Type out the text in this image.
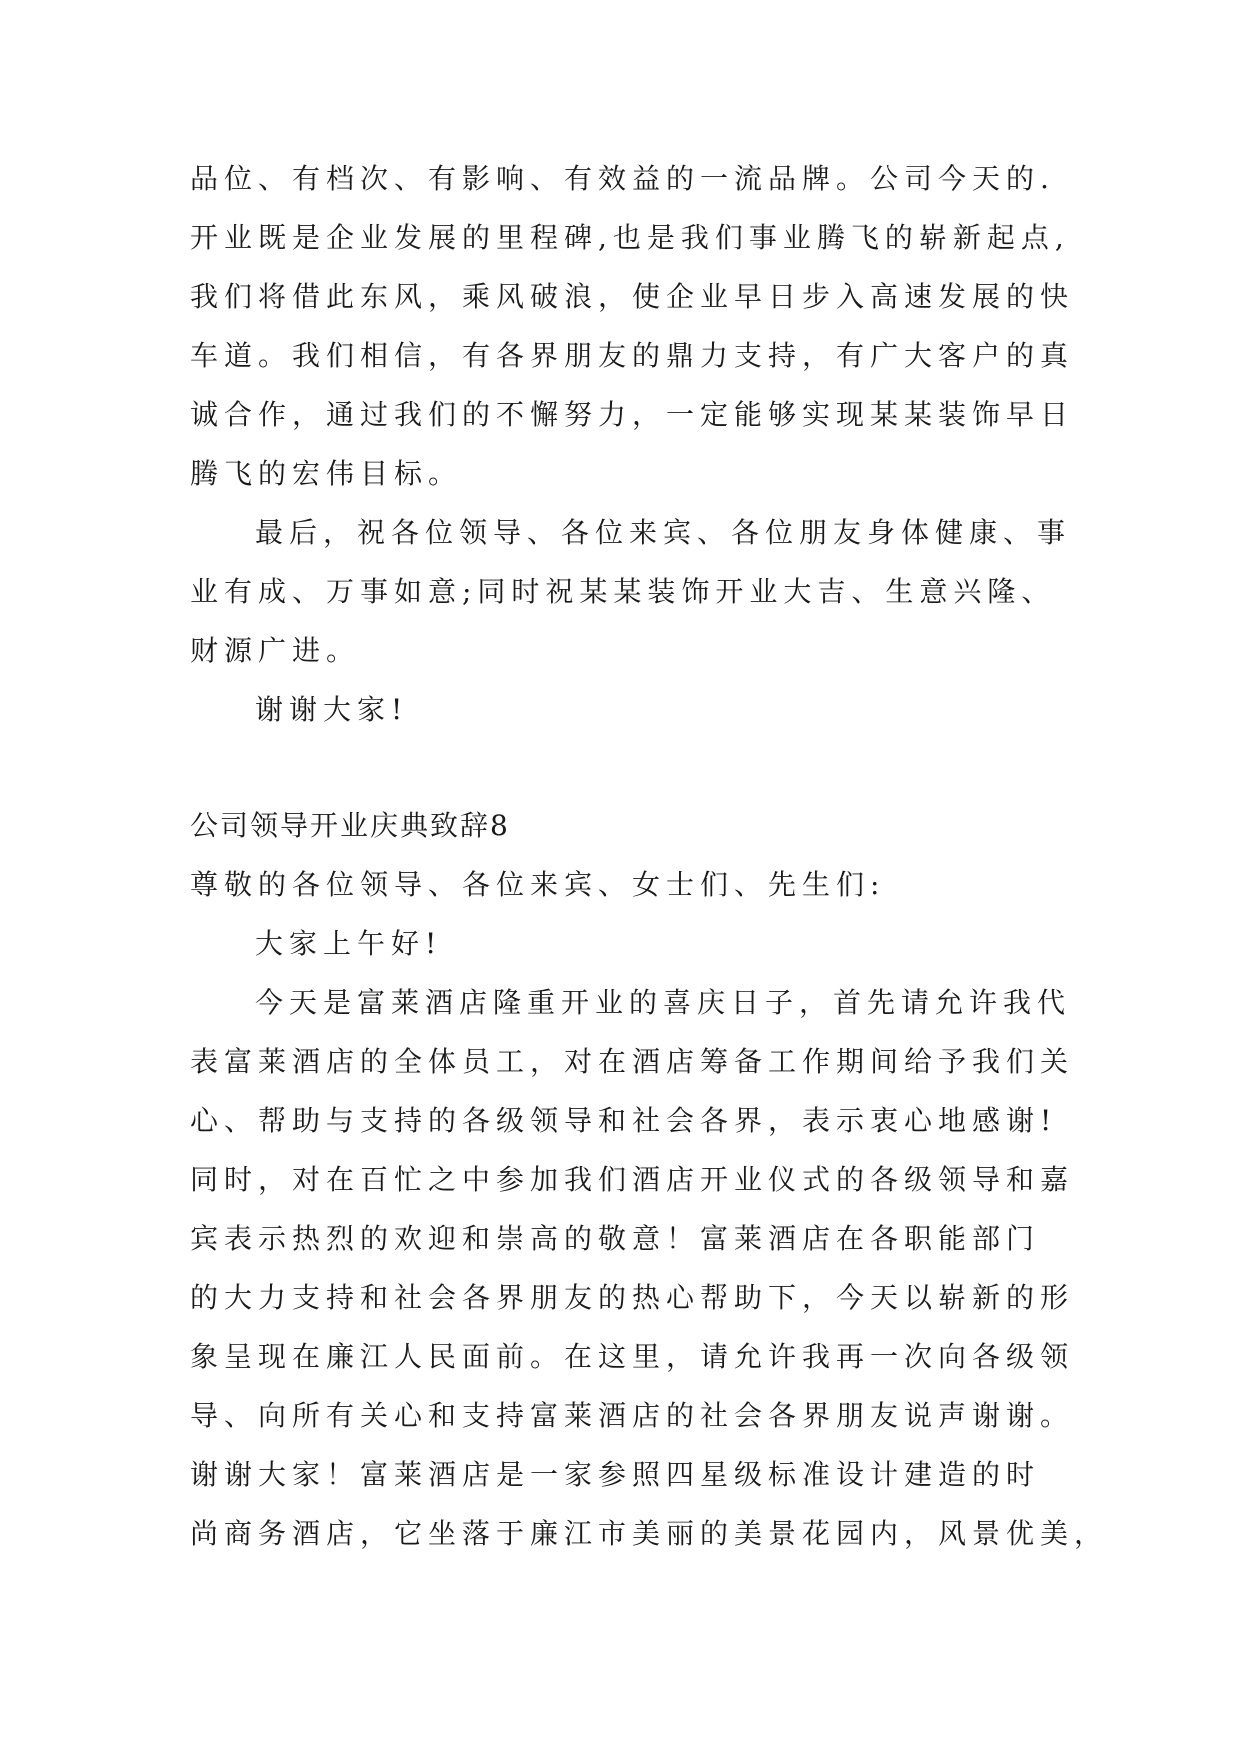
品位、有档次、有影响、有效益的一流品牌。公司今天的.
开业既是企业发展的里程碑,也是我们事业腾飞的崭新起点,
我们将借此东风，乘风破浪，使企业早日步入高速发展的快
车道。我们相信，有各界朋友的鼎力支持，有广大客户的真
诚合作，通过我们的不懈努力，一定能够实现某某装饰早日
腾飞的宏伟目标。
最后，祝各位领导、各位来宾、各位朋友身体健康、事
业有成、万事如意;同时祝某某装饰开业大吉、生意兴隆、
财源广进。
谢谢大家!
公司领导开业庆典致辞8
尊敬的各位领导、各位来宾、女士们、先生们:
大家上午好!
今天是富莱酒店隆重开业的喜庆日子，首先请允许我代
表富莱酒店的全体员工，对在酒店筹备工作期间给予我们关
心、帮助与支持的各级领导和社会各界，表示衷心地感谢!
同时，对在百忙之中参加我们酒店开业仪式的各级领导和嘉
宾表示热烈的欢迎和崇高的敬意！富莱酒店在各职能部门
的大力支持和社会各界朋友的热心帮助下，今天以崭新的形
象呈现在廉江人民面前。在这里，请允许我再一次向各级领
导、向所有关心和支持富莱酒店的社会各界朋友说声谢谢。
谢谢大家！富莱酒店是一家参照四星级标准设计建造的时
尚商务酒店，它坐落于廉江市美丽的美景花园内，风景优美，
